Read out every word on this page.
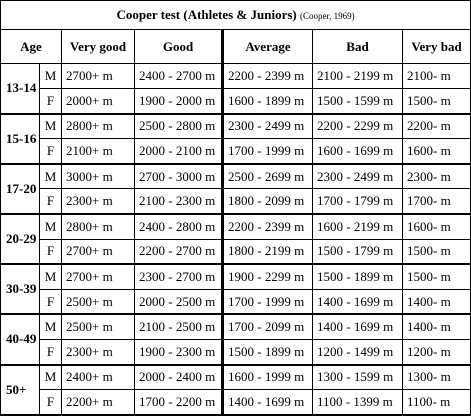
Cooper test (Athletes & Juniors) (Cooper, 1969)						
Age		Very good	Good	Average	Bad	Very bad
13-14	M	2700+ m	2400 - 2700 m	2200 - 2399 m	2100 - 2199 m	2100- m
	F	2000+ m	1900 - 2000 m	1600 - 1899 m	1500 - 1599 m	1500- m
15-16	M	2800+ m	2500 - 2800 m	2300 - 2499 m	2200 - 2299 m	2200- m
	F	2100+ m	2000 - 2100 m	1700 - 1999 m	1600 - 1699 m	1600- m
17-20	M	3000+ m	2700 - 3000 m	2500 - 2699 m	2300 - 2499 m	2300- m
	F	2300+ m	2100 - 2300 m	1800 - 2099 m	1700 - 1799 m	1700- m
20-29	M	2800+ m	2400 - 2800 m	2200 - 2399 m	1600 - 2199 m	1600- m
	F	2700+ m	2200 - 2700 m	1800 - 2199 m	1500 - 1799 m	1500- m
30-39	M	2700+ m	2300 - 2700 m	1900 - 2299 m	1500 - 1899 m	1500- m
	F	2500+ m	2000 - 2500 m	1700 - 1999 m	1400 - 1699 m	1400- m
40-49	M	2500+ m	2100 - 2500 m	1700 - 2099 m	1400 - 1699 m	1400- m
	F	2300+ m	1900 - 2300 m	1500 - 1899 m	1200 - 1499 m	1200- m
50+	M	2400+ m	2000 - 2400 m	1600 - 1999 m	1300 - 1599 m	1300- m
	F	2200+ m	1700 - 2200 m	1400 - 1699 m	1100 - 1399 m	1100- m
